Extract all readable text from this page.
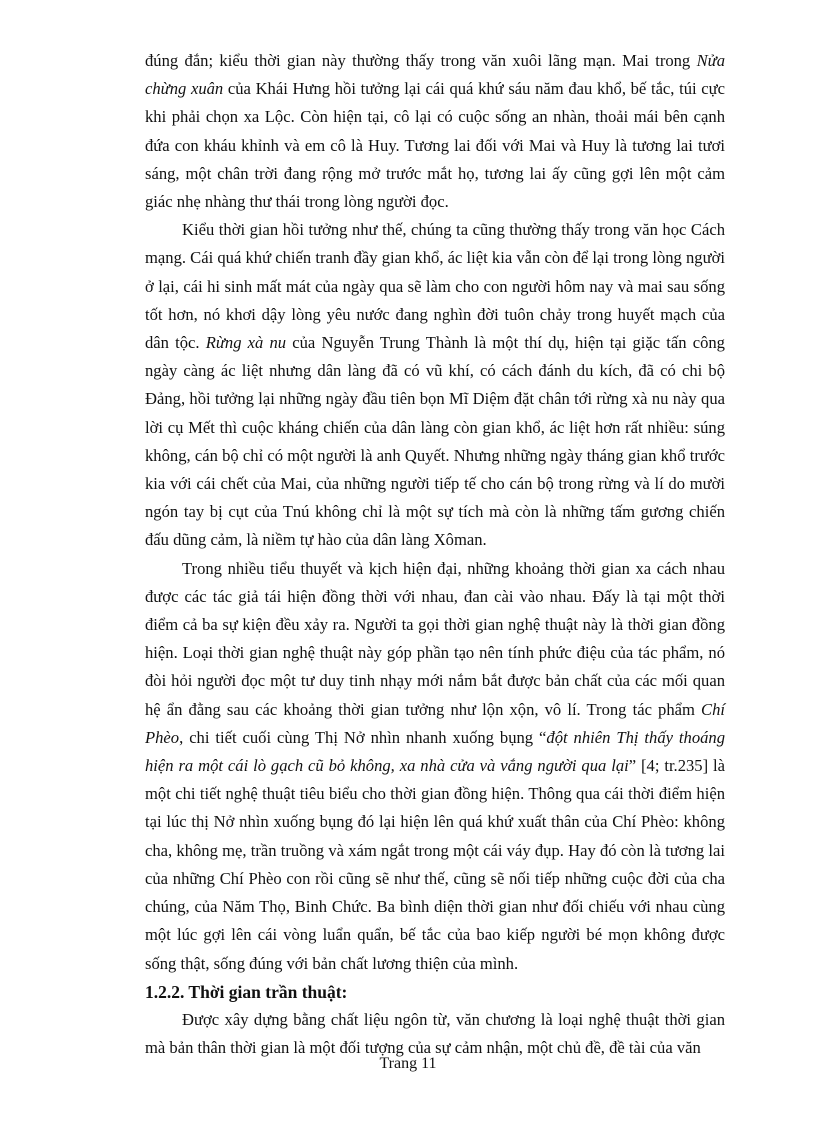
đúng đắn; kiểu thời gian này thường thấy trong văn xuôi lãng mạn. Mai trong Nửa chừng xuân của Khái Hưng hồi tưởng lại cái quá khứ sáu năm đau khổ, bế tắc, túi cực khi phải chọn xa Lộc. Còn hiện tại, cô lại có cuộc sống an nhàn, thoải mái bên cạnh đứa con kháu khỉnh và em cô là Huy. Tương lai đối với Mai và Huy là tương lai tươi sáng, một chân trời đang rộng mở trước mắt họ, tương lai ấy cũng gợi lên một cảm giác nhẹ nhàng thư thái trong lòng người đọc.

Kiểu thời gian hồi tưởng như thế, chúng ta cũng thường thấy trong văn học Cách mạng. Cái quá khứ chiến tranh đầy gian khổ, ác liệt kia vẫn còn để lại trong lòng người ở lại, cái hi sinh mất mát của ngày qua sẽ làm cho con người hôm nay và mai sau sống tốt hơn, nó khơi dậy lòng yêu nước đang nghìn đời tuôn chảy trong huyết mạch của dân tộc. Rừng xà nu của Nguyễn Trung Thành là một thí dụ, hiện tại giặc tấn công ngày càng ác liệt nhưng dân làng đã có vũ khí, có cách đánh du kích, đã có chi bộ Đảng, hồi tưởng lại những ngày đầu tiên bọn Mĩ Diệm đặt chân tới rừng xà nu này qua lời cụ Mết thì cuộc kháng chiến của dân làng còn gian khổ, ác liệt hơn rất nhiều: súng không, cán bộ chỉ có một người là anh Quyết. Nhưng những ngày tháng gian khổ trước kia với cái chết của Mai, của những người tiếp tế cho cán bộ trong rừng và lí do mười ngón tay bị cụt của Tnú không chỉ là một sự tích mà còn là những tấm gương chiến đấu dũng cảm, là niềm tự hào của dân làng Xôman.

Trong nhiều tiểu thuyết và kịch hiện đại, những khoảng thời gian xa cách nhau được các tác giả tái hiện đồng thời với nhau, đan cài vào nhau. Đấy là tại một thời điểm cả ba sự kiện đều xảy ra. Người ta gọi thời gian nghệ thuật này là thời gian đồng hiện. Loại thời gian nghệ thuật này góp phần tạo nên tính phức điệu của tác phẩm, nó đòi hỏi người đọc một tư duy tinh nhạy mới nắm bắt được bản chất của các mối quan hệ ẩn đằng sau các khoảng thời gian tưởng như lộn xộn, vô lí. Trong tác phẩm Chí Phèo, chi tiết cuối cùng Thị Nở nhìn nhanh xuống bụng “đột nhiên Thị thấy thoáng hiện ra một cái lò gạch cũ bỏ không, xa nhà cửa và vắng người qua lại” [4; tr.235] là một chi tiết nghệ thuật tiêu biểu cho thời gian đồng hiện. Thông qua cái thời điểm hiện tại lúc thị Nở nhìn xuống bụng đó lại hiện lên quá khứ xuất thân của Chí Phèo: không cha, không mẹ, trần truồng và xám ngắt trong một cái váy đụp. Hay đó còn là tương lai của những Chí Phèo con rồi cũng sẽ như thế, cũng sẽ nối tiếp những cuộc đời của cha chúng, của Năm Thọ, Binh Chức. Ba bình diện thời gian như đối chiếu với nhau cùng một lúc gợi lên cái vòng luẩn quẩn, bế tắc của bao kiếp người bé mọn không được sống thật, sống đúng với bản chất lương thiện của mình.

1.2.2. Thời gian trần thuật:

Được xây dựng bằng chất liệu ngôn từ, văn chương là loại nghệ thuật thời gian mà bản thân thời gian là một đối tượng của sự cảm nhận, một chủ đề, đề tài của văn

Trang 11
